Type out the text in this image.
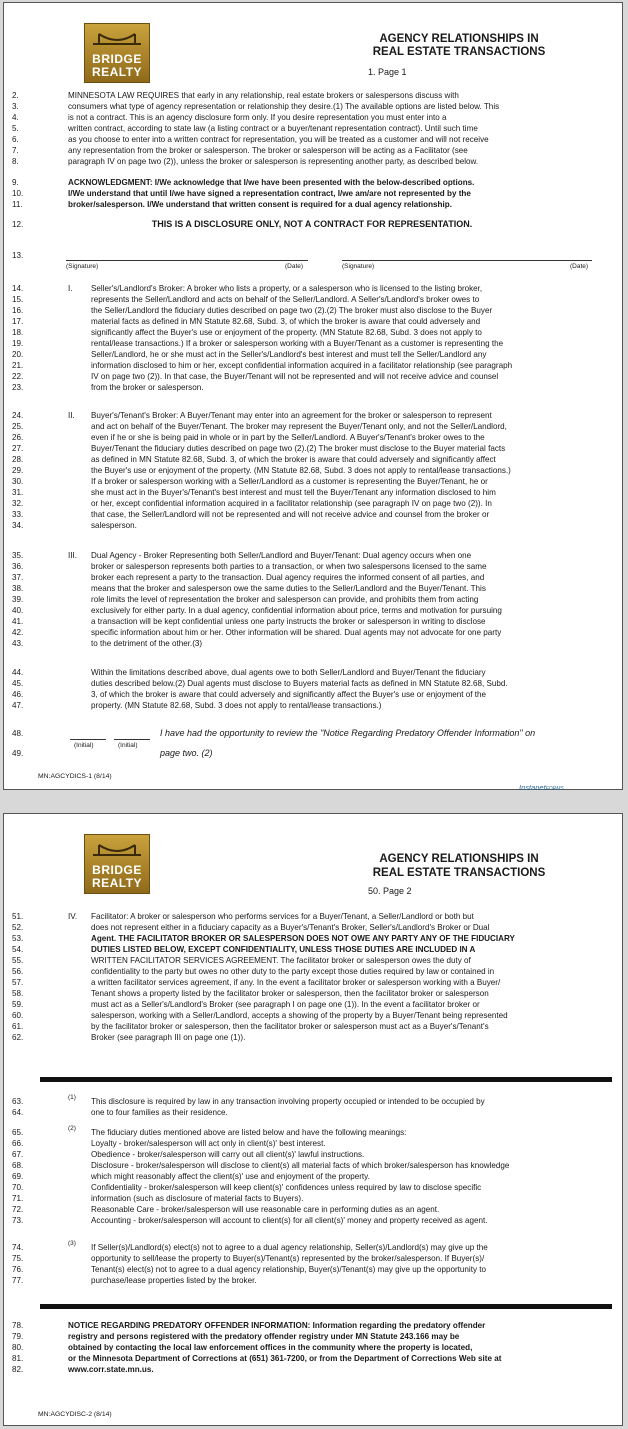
BRIDGE
REALTY
AGENCY RELATIONSHIPS IN
REAL ESTATE TRANSACTIONS
1. Page 1
2.	MINNESOTA LAW REQUIRES that early in any relationship, real estate brokers or salespersons discuss with
3.	consumers what type of agency representation or relationship they desire.(1) The available options are listed below. This
4.	is not a contract. This is an agency disclosure form only. If you desire representation you must enter into a
5.	written contract, according to state law (a listing contract or a buyer/tenant representation contract). Until such time
6.	as you choose to enter into a written contract for representation, you will be treated as a customer and will not receive
7.	any representation from the broker or salesperson. The broker or salesperson will be acting as a Facilitator (see
8.	paragraph IV on page two (2)), unless the broker or salesperson is representing another party, as described below.
9.	ACKNOWLEDGMENT: I/We acknowledge that I/we have been presented with the below-described options.
10.	I/We understand that until I/we have signed a representation contract, I/we am/are not represented by the
11.	broker/salesperson. I/We understand that written consent is required for a dual agency relationship.
12.	THIS IS A DISCLOSURE ONLY, NOT A CONTRACT FOR REPRESENTATION.
13.
14.	Seller's/Landlord's Broker: A broker who lists a property, or a salesperson who is licensed to the listing broker,
15.	represents the Seller/Landlord and acts on behalf of the Seller/Landlord. A Seller's/Landlord's broker owes to
16.	the Seller/Landlord the fiduciary duties described on page two (2).(2) The broker must also disclose to the Buyer
17.	material facts as defined in MN Statute 82.68, Subd. 3, of which the broker is aware that could adversely and
18.	significantly affect the Buyer's use or enjoyment of the property. (MN Statute 82.68, Subd. 3 does not apply to
19.	rental/lease transactions.) If a broker or salesperson working with a Buyer/Tenant as a customer is representing the
20.	Seller/Landlord, he or she must act in the Seller's/Landlord's best interest and must tell the Seller/Landlord any
21.	information disclosed to him or her, except confidential information acquired in a facilitator relationship (see paragraph
22.	IV on page two (2)). In that case, the Buyer/Tenant will not be represented and will not receive advice and counsel
23.	from the broker or salesperson.
24.	Buyer's/Tenant's Broker: A Buyer/Tenant may enter into an agreement for the broker or salesperson to represent
25.	and act on behalf of the Buyer/Tenant. The broker may represent the Buyer/Tenant only, and not the Seller/Landlord,
26.	even if he or she is being paid in whole or in part by the Seller/Landlord. A Buyer's/Tenant's broker owes to the
27.	Buyer/Tenant the fiduciary duties described on page two (2).(2) The broker must disclose to the Buyer material facts
28.	as defined in MN Statute 82.68, Subd. 3, of which the broker is aware that could adversely and significantly affect
29.	the Buyer's use or enjoyment of the property. (MN Statute 82.68, Subd. 3 does not apply to rental/lease transactions.)
30.	If a broker or salesperson working with a Seller/Landlord as a customer is representing the Buyer/Tenant, he or
31.	she must act in the Buyer's/Tenant's best interest and must tell the Buyer/Tenant any information disclosed to him
32.	or her, except confidential information acquired in a facilitator relationship (see paragraph IV on page two (2)). In
33.	that case, the Seller/Landlord will not be represented and will not receive advice and counsel from the broker or
34.	salesperson.
35.	Dual Agency - Broker Representing both Seller/Landlord and Buyer/Tenant: Dual agency occurs when one
36.	broker or salesperson represents both parties to a transaction, or when two salespersons licensed to the same
37.	broker each represent a party to the transaction. Dual agency requires the informed consent of all parties, and
38.	means that the broker and salesperson owe the same duties to the Seller/Landlord and the Buyer/Tenant. This
39.	role limits the level of representation the broker and salesperson can provide, and prohibits them from acting
40.	exclusively for either party. In a dual agency, confidential information about price, terms and motivation for pursuing
41.	a transaction will be kept confidential unless one party instructs the broker or salesperson in writing to disclose
42.	specific information about him or her. Other information will be shared. Dual agents may not advocate for one party
43.	to the detriment of the other.(3)
44.	Within the limitations described above, dual agents owe to both Seller/Landlord and Buyer/Tenant the fiduciary
45.	duties described below.(2) Dual agents must disclose to Buyers material facts as defined in MN Statute 82.68, Subd.
46.	3, of which the broker is aware that could adversely and significantly affect the Buyer's use or enjoyment of the
47.	property. (MN Statute 82.68, Subd. 3 does not apply to rental/lease transactions.)
48.	I have had the opportunity to review the "Notice Regarding Predatory Offender Information" on
49.	page two. (2)
MN:AGCYDICS-1 (8/14)
InstanetFORMS
(Signature)	(Date)	(Signature)	(Date)
(Initial)	(Initial)
I.
II.
III.
BRIDGE
REALTY
AGENCY RELATIONSHIPS IN
REAL ESTATE TRANSACTIONS
50. Page 2
51.	Facilitator: A broker or salesperson who performs services for a Buyer/Tenant, a Seller/Landlord or both but
52.	does not represent either in a fiduciary capacity as a Buyer's/Tenant's Broker, Seller's/Landlord's Broker or Dual
53.	Agent. THE FACILITATOR BROKER OR SALESPERSON DOES NOT OWE ANY PARTY ANY OF THE FIDUCIARY
54.	DUTIES LISTED BELOW, EXCEPT CONFIDENTIALITY, UNLESS THOSE DUTIES ARE INCLUDED IN A
55.	WRITTEN FACILITATOR SERVICES AGREEMENT. The facilitator broker or salesperson owes the duty of
56.	confidentiality to the party but owes no other duty to the party except those duties required by law or contained in
57.	a written facilitator services agreement, if any. In the event a facilitator broker or salesperson working with a Buyer/
58.	Tenant shows a property listed by the facilitator broker or salesperson, then the facilitator broker or salesperson
59.	must act as a Seller's/Landlord's Broker (see paragraph I on page one (1)). In the event a facilitator broker or
60.	salesperson, working with a Seller/Landlord, accepts a showing of the property by a Buyer/Tenant being represented
61.	by the facilitator broker or salesperson, then the facilitator broker or salesperson must act as a Buyer's/Tenant's
62.	Broker (see paragraph III on page one (1)).
63.	This disclosure is required by law in any transaction involving property occupied or intended to be occupied by
64.	one to four families as their residence.
65.	The fiduciary duties mentioned above are listed below and have the following meanings:
66.	Loyalty - broker/salesperson will act only in client(s)' best interest.
67.	Obedience - broker/salesperson will carry out all client(s)' lawful instructions.
68.	Disclosure - broker/salesperson will disclose to client(s) all material facts of which broker/salesperson has knowledge
69.	which might reasonably affect the client(s)' use and enjoyment of the property.
70.	Confidentiality - broker/salesperson will keep client(s)' confidences unless required by law to disclose specific
71.	information (such as disclosure of material facts to Buyers).
72.	Reasonable Care - broker/salesperson will use reasonable care in performing duties as an agent.
73.	Accounting - broker/salesperson will account to client(s) for all client(s)' money and property received as agent.
74.	If Seller(s)/Landlord(s) elect(s) not to agree to a dual agency relationship, Seller(s)/Landlord(s) may give up the
75.	opportunity to sell/lease the property to Buyer(s)/Tenant(s) represented by the broker/salesperson. If Buyer(s)/
76.	Tenant(s) elect(s) not to agree to a dual agency relationship, Buyer(s)/Tenant(s) may give up the opportunity to
77.	purchase/lease properties listed by the broker.
78.	NOTICE REGARDING PREDATORY OFFENDER INFORMATION: Information regarding the predatory offender
79.	registry and persons registered with the predatory offender registry under MN Statute 243.166 may be
80.	obtained by contacting the local law enforcement offices in the community where the property is located,
81.	or the Minnesota Department of Corrections at (651) 361-7200, or from the Department of Corrections Web site at
82.	www.corr.state.mn.us.
MN:AGCYDISC-2 (8/14)
IV.
(1)
(2)
(3)
